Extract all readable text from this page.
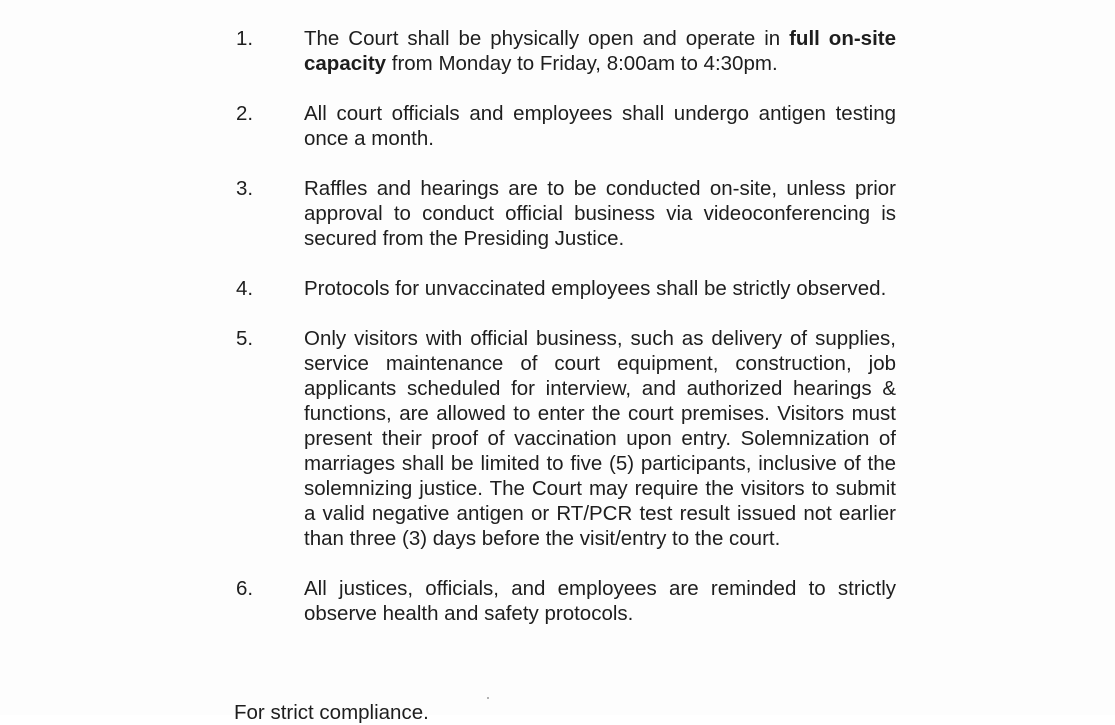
1.	The Court shall be physically open and operate in full on-site capacity from Monday to Friday, 8:00am to 4:30pm.
2.	All court officials and employees shall undergo antigen testing once a month.
3.	Raffles and hearings are to be conducted on-site, unless prior approval to conduct official business via videoconferencing is secured from the Presiding Justice.
4.	Protocols for unvaccinated employees shall be strictly observed.
5.	Only visitors with official business, such as delivery of supplies, service maintenance of court equipment, construction, job applicants scheduled for interview, and authorized hearings & functions, are allowed to enter the court premises. Visitors must present their proof of vaccination upon entry. Solemnization of marriages shall be limited to five (5) participants, inclusive of the solemnizing justice. The Court may require the visitors to submit a valid negative antigen or RT/PCR test result issued not earlier than three (3) days before the visit/entry to the court.
6.	All justices, officials, and employees are reminded to strictly observe health and safety protocols.
For strict compliance.
